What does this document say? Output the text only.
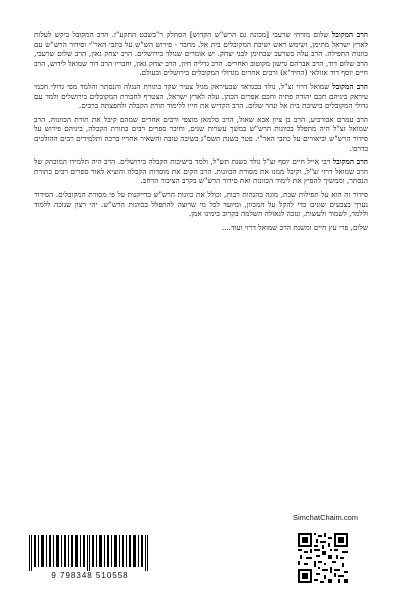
הרב המקובל שלום מזרחי שרעבי [מכונה גם הרש"ש הקדוש] הסתלק ר"בשבט התקע"ז. הרב המקובל ביקש לעלות לארץ ישראל מתימן, ושימש ראש ישיבת המקובלים בית אל. מחבר - פירוש הש"ש על כתבי האר"י וסידור הרש"ש עם כוונות התפילה. הרב עלה בשרעב שבתימן לבני יצחק. יש אומרים שנולד בירושלים. הרב יצחק גאון, הרב שלום שרעבי, הרב שלום דוד, הרב אברהם גרשון מקוטוב ואחרים. הרב גדליה חיון, הרב יצחק גאון, וחבריו הרב דוד שמואל לידוש, הרב חיים יוסף דוד אזולאי (החיד"א) ורבים אחרים מגדולי המקובלים בירושלים ובעולם.

הרב המקובל שמואל דרזי זצ"ל, נולד בבגדאד שבעיראק מגיל צעיר שקד בתורת הנגלה והנסתר והלמד מפי גדולי חכמי עיראק ביניהם חכם יהודה פתיה וחכם אפרים הכהן. עלה לארץ ישראל, הצטרף לחבורת המקובלים בירושלים ולמד עם גדולי המקובלים בישיבת בית אל ונהר שלום. הרב הקדיש את חייו ללימוד תורת הקבלה ולהפצתה ברבים.

הרב עמרם אבורביע, הרב בן ציון אבא שאול, הרב סלמאן מוצפי ורבים אחרים שמהם קיבל את תורת הכוונות. הרב שמואל זצ"ל היה מתפלל בכוונות הרש"ש במשך עשרות שנים, וחיבר ספרים רבים בתורת הקבלה, ביניהם פירוש על סידור הרש"ש וביאורים על כתבי האר"י. פטר בשנת תשס"ג בשיבה טובה והשאיר אחריו ברכה ותלמידים רבים ההולכים בדרכו.

הרב המקובל רבי אייל חיים יוסף זצ"ל נולד בשנת תש"ל, ולמד בישיבות הקבלה בירושלים. הרב היה תלמידו המובהק של הרב שמואל דרזי זצ"ל, וקיבל ממנו את מסורת הכוונות. הרב הקים את מוסדות הקבלה והוציא לאור ספרים רבים בתורת הנסתר, וממשיך להפיץ את לימוד הכוונות ואת סידור הרש"ש בקרב הציבור הרחב.

סידור זה הוא על תפילות שבת, מוגה בהגהות רבות, וכולל את כוונות הרש"ש בדייקנות על פי מסורת המקובלים. הסידור נערך בצבעים שונים כדי להקל על המכוון, ומיועד לכל מי שרוצה להתפלל בכוונות הרש"ש. יהי רצון שנזכה ללמוד וללמד, לשמור ולעשות, ונזכה לגאולה השלמה בקרוב בימינו אמן.

שלום, פרי עץ חיים ומשנת הרב שמואל דרזי ועוד....

SimchatChaim.com
9 798348 510558
